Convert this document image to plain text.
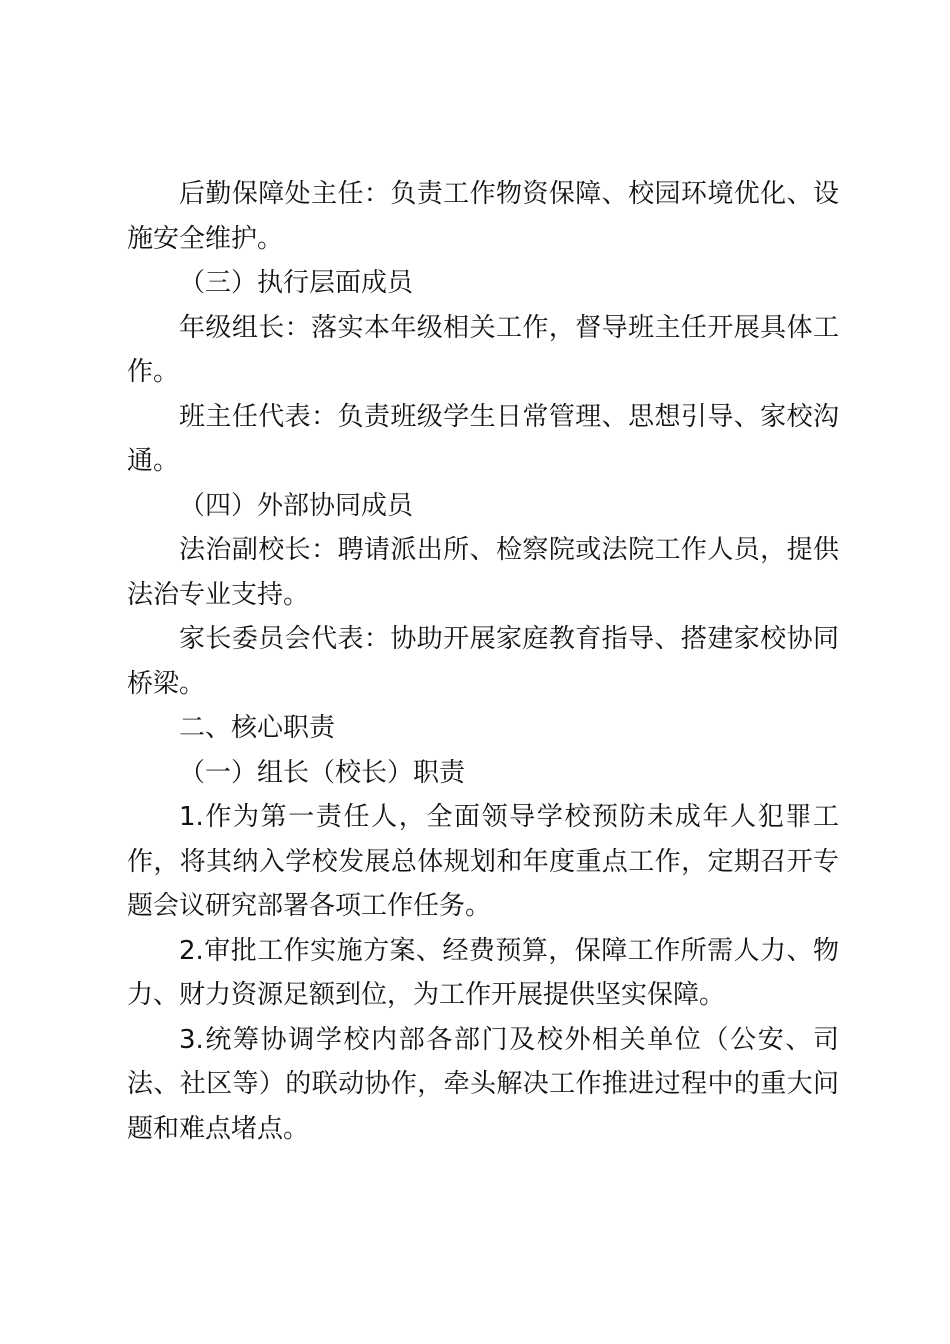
后勤保障处主任：负责工作物资保障、校园环境优化、设施安全维护。

（三）执行层面成员

年级组长：落实本年级相关工作，督导班主任开展具体工作。

班主任代表：负责班级学生日常管理、思想引导、家校沟通。

（四）外部协同成员

法治副校长：聘请派出所、检察院或法院工作人员，提供法治专业支持。

家长委员会代表：协助开展家庭教育指导、搭建家校协同桥梁。

二、核心职责

（一）组长（校长）职责

1.作为第一责任人，全面领导学校预防未成年人犯罪工作，将其纳入学校发展总体规划和年度重点工作，定期召开专题会议研究部署各项工作任务。

2.审批工作实施方案、经费预算，保障工作所需人力、物力、财力资源足额到位，为工作开展提供坚实保障。

3.统筹协调学校内部各部门及校外相关单位（公安、司法、社区等）的联动协作，牵头解决工作推进过程中的重大问题和难点堵点。
